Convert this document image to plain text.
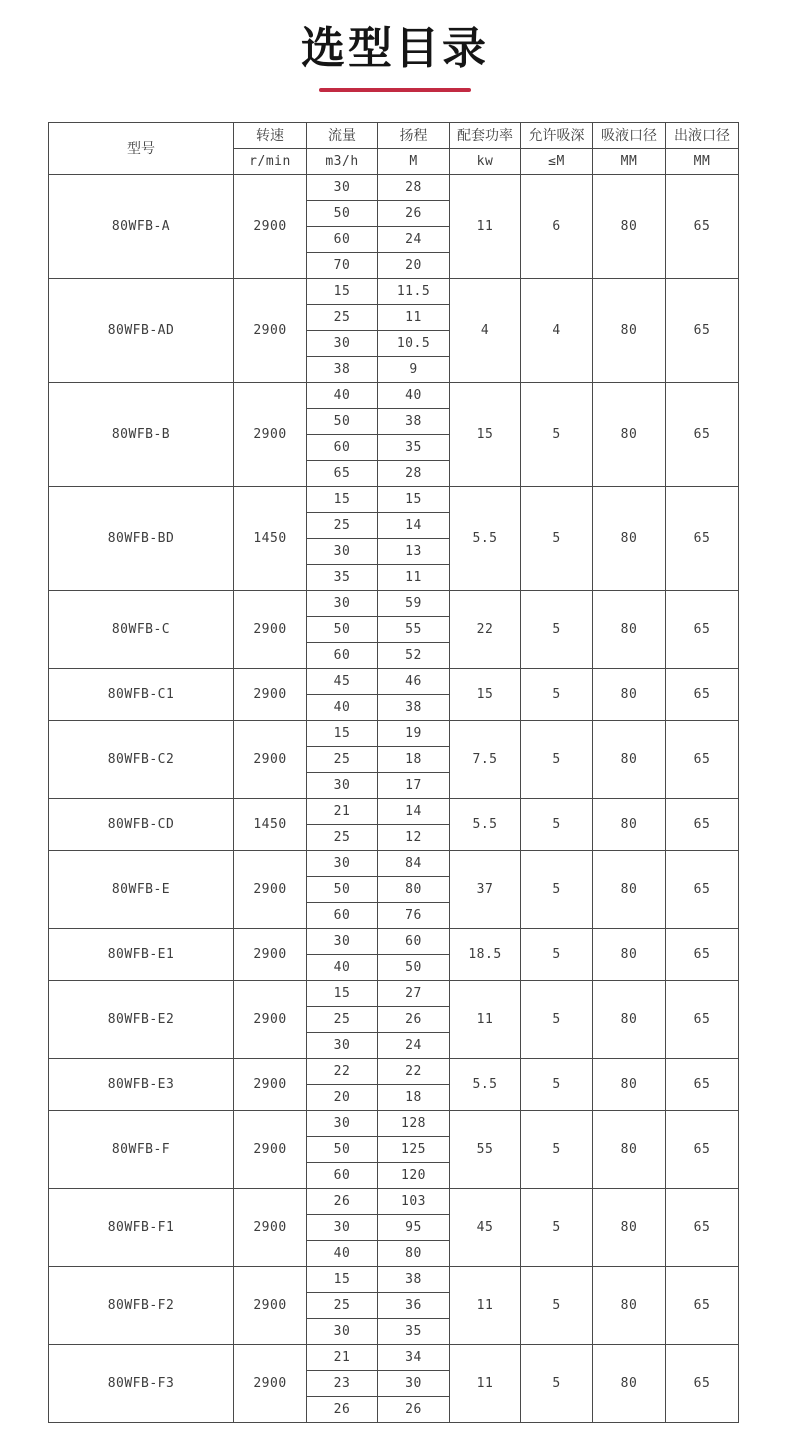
选型目录
型号	转速	流量	扬程	配套功率	允许吸深	吸液口径	出液口径
	r/min	m3/h	M	kw	≤M	MM	MM
80WFB-A	2900	30	28	11	6	80	65
		50	26				
		60	24				
		70	20				
80WFB-AD	2900	15	11.5	4	4	80	65
		25	11				
		30	10.5				
		38	9				
80WFB-B	2900	40	40	15	5	80	65
		50	38				
		60	35				
		65	28				
80WFB-BD	1450	15	15	5.5	5	80	65
		25	14				
		30	13				
		35	11				
80WFB-C	2900	30	59	22	5	80	65
		50	55				
		60	52				
80WFB-C1	2900	45	46	15	5	80	65
		40	38				
80WFB-C2	2900	15	19	7.5	5	80	65
		25	18				
		30	17				
80WFB-CD	1450	21	14	5.5	5	80	65
		25	12				
80WFB-E	2900	30	84	37	5	80	65
		50	80				
		60	76				
80WFB-E1	2900	30	60	18.5	5	80	65
		40	50				
80WFB-E2	2900	15	27	11	5	80	65
		25	26				
		30	24				
80WFB-E3	2900	22	22	5.5	5	80	65
		20	18				
80WFB-F	2900	30	128	55	5	80	65
		50	125				
		60	120				
80WFB-F1	2900	26	103	45	5	80	65
		30	95				
		40	80				
80WFB-F2	2900	15	38	11	5	80	65
		25	36				
		30	35				
80WFB-F3	2900	21	34	11	5	80	65
		23	30				
		26	26				
